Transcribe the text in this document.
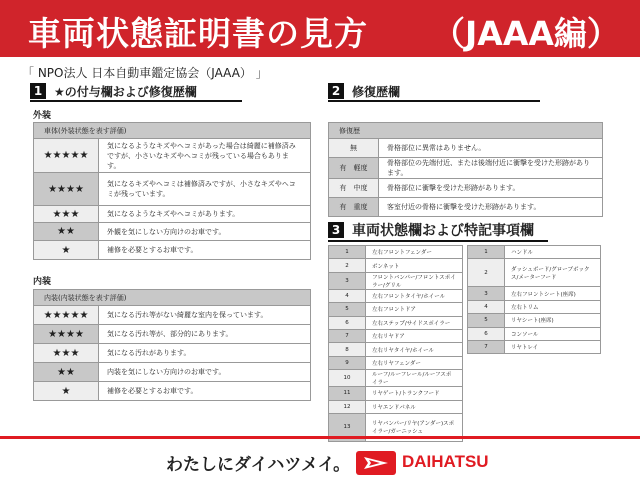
車両状態証明書の見方 （JAAA編）
「 NPO法人 日本自動車鑑定協会（JAAA） 」
1 ★の付与欄および修復歴欄	2 修復歴欄
3 車両状態欄および特記事項欄
外装
車体(外装状態を表す評価)	
★★★★★	気になるようなキズやヘコミがあった場合は綺麗に補修済みですが、小さいなキズやヘコミが残っている場合もあります。
★★★★	気になるキズやヘコミは補修済みですが、小さなキズやヘコミが残っています。
★★★	気になるようなキズやヘコミがあります。
★★	外観を気にしない方向けのお車です。
★	補修を必要とするお車です。
内装
内装(内装状態を表す評価)	
★★★★★	気になる汚れ等がない綺麗な室内を保っています。
★★★★	気になる汚れ等が、部分的にあります。
★★★	気になる汚れがあります。
★★	内装を気にしない方向けのお車です。
★	補修を必要とするお車です。
修復歴	
無	骨格部位に異常はありません。
有　軽度	骨格部位の先端付近、または後端付近に衝撃を受けた形跡があります。
有　中度	骨格部位に衝撃を受けた形跡があります。
有　重度	客室付近の骨格に衝撃を受けた形跡があります。
1	左右フロントフェンダー
2	ボンネット
3	フロントバンパー/フロントスポイラー/グリル
4	左右フロントタイヤ/ホイール
5	左右フロントドア
6	左右ステップ/サイドスポイラー
7	左右リヤドア
8	左右リヤタイヤ/ホイール
9	左右リヤフェンダー
10	ルーフ/ルーフレール/ルーフスポイラー
11	リヤゲート/トランクフード
12	リヤエンドパネル
13	リヤバンパー/リヤ(アンダー)スポイラー/ガーニッシュ
1	ハンドル
2	ダッシュボード/グローブボックス/メーターフード
3	左右フロントシート(座席)
4	左右トリム
5	リヤシート(座席)
6	コンソール
7	リヤトレイ
わたしにダイハツメイ。	DAIHATSU
